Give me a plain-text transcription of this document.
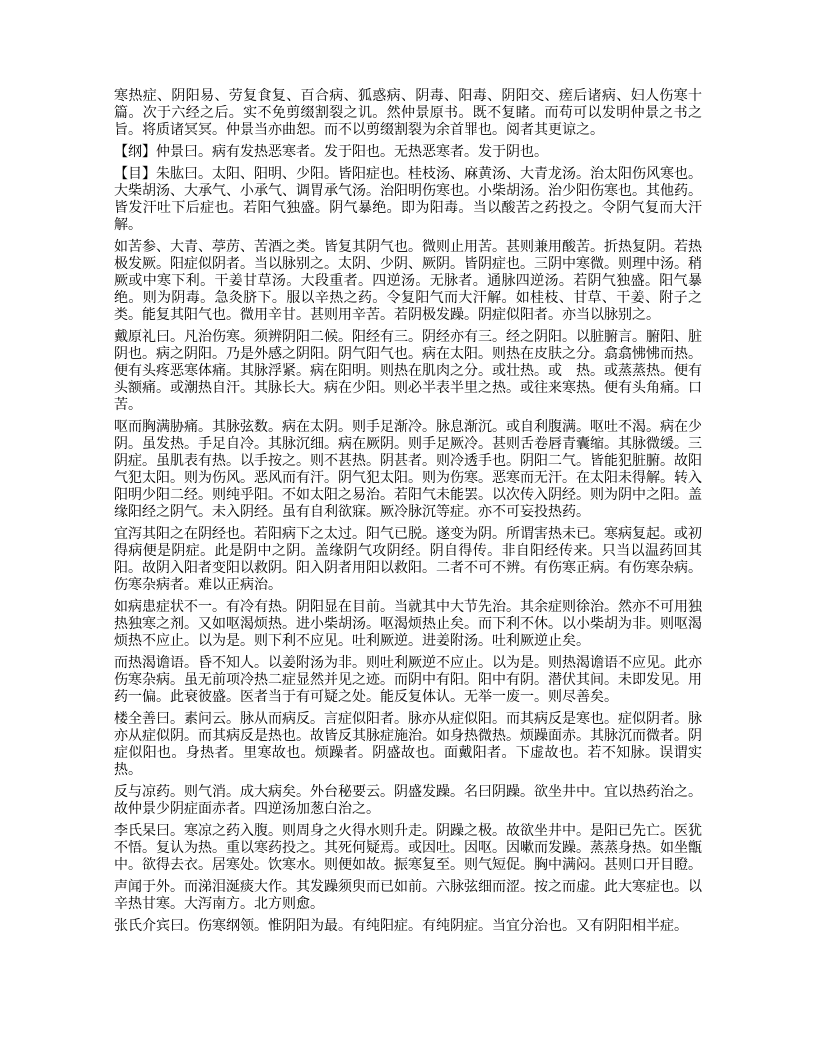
寒热症、阴阳易、劳复食复、百合病、狐惑病、阴毒、阳毒、阴阳交、瘥后诸病、妇人伤寒十篇。次于六经之后。实不免剪缀割裂之讥。然仲景原书。既不复睹。而苟可以发明仲景之书之旨。将质诸冥冥。仲景当亦曲恕。而不以剪缀割裂为余首罪也。阅者其更谅之。

【纲】仲景曰。病有发热恶寒者。发于阳也。无热恶寒者。发于阴也。

【目】朱肱曰。太阳、阳明、少阳。皆阳症也。桂枝汤、麻黄汤、大青龙汤。治太阳伤风寒也。大柴胡汤、大承气、小承气、调胃承气汤。治阳明伤寒也。小柴胡汤。治少阳伤寒也。其他药。皆发汗吐下后症也。若阳气独盛。阴气暴绝。即为阳毒。当以酸苦之药投之。令阴气复而大汗解。

如苦参、大青、葶苈、苦酒之类。皆复其阴气也。微则止用苦。甚则兼用酸苦。折热复阴。若热极发厥。阳症似阴者。当以脉别之。太阴、少阴、厥阴。皆阴症也。三阴中寒微。则理中汤。稍厥或中寒下利。干姜甘草汤。大段重者。四逆汤。无脉者。通脉四逆汤。若阴气独盛。阳气暴绝。则为阴毒。急灸脐下。服以辛热之药。令复阳气而大汗解。如桂枝、甘草、干姜、附子之类。能复其阳气也。微用辛甘。甚则用辛苦。若阴极发躁。阴症似阳者。亦当以脉别之。

戴原礼曰。凡治伤寒。须辨阴阳二候。阳经有三。阴经亦有三。经之阴阳。以脏腑言。腑阳、脏阴也。病之阴阳。乃是外感之阴阳。阴气阳气也。病在太阳。则热在皮肤之分。翕翕怫怫而热。便有头疼恶寒体痛。其脉浮紧。病在阳明。则热在肌肉之分。或壮热。或　热。或蒸蒸热。便有头额痛。或潮热自汗。其脉长大。病在少阳。则必半表半里之热。或往来寒热。便有头角痛。口苦。

呕而胸满胁痛。其脉弦数。病在太阴。则手足渐冷。脉息渐沉。或自利腹满。呕吐不渴。病在少阴。虽发热。手足自冷。其脉沉细。病在厥阴。则手足厥冷。甚则舌卷唇青囊缩。其脉微缓。三阴症。虽肌表有热。以手按之。则不甚热。阴甚者。则冷透手也。阴阳二气。皆能犯脏腑。故阳气犯太阳。则为伤风。恶风而有汗。阴气犯太阳。则为伤寒。恶寒而无汗。在太阳未得解。转入阳明少阳二经。则纯乎阳。不如太阳之易治。若阳气未能罢。以次传入阴经。则为阴中之阳。盖缘阳经之阴气。未入阴经。虽有自利欲寐。厥冷脉沉等症。亦不可妄投热药。

宜泻其阳之在阴经也。若阳病下之太过。阳气已脱。遂变为阴。所谓害热未已。寒病复起。或初得病便是阴症。此是阴中之阴。盖缘阴气攻阴经。阴自得传。非自阳经传来。只当以温药回其阳。故阴入阳者变阳以救阴。阳入阴者用阳以救阳。二者不可不辨。有伤寒正病。有伤寒杂病。伤寒杂病者。难以正病治。

如病患症状不一。有冷有热。阴阳显在目前。当就其中大节先治。其余症则徐治。然亦不可用独热独寒之剂。又如呕渴烦热。进小柴胡汤。呕渴烦热止矣。而下利不休。以小柴胡为非。则呕渴烦热不应止。以为是。则下利不应见。吐利厥逆。进姜附汤。吐利厥逆止矣。

而热渴谵语。昏不知人。以姜附汤为非。则吐利厥逆不应止。以为是。则热渴谵语不应见。此亦伤寒杂病。虽无前项冷热二症显然并见之迹。而阴中有阳。阳中有阴。潜伏其间。未即发见。用药一偏。此衰彼盛。医者当于有可疑之处。能反复体认。无举一废一。则尽善矣。

楼全善曰。素问云。脉从而病反。言症似阳者。脉亦从症似阳。而其病反是寒也。症似阴者。脉亦从症似阴。而其病反是热也。故皆反其脉症施治。如身热微热。烦躁面赤。其脉沉而微者。阴症似阳也。身热者。里寒故也。烦躁者。阴盛故也。面戴阳者。下虚故也。若不知脉。误谓实热。

反与凉药。则气消。成大病矣。外台秘要云。阴盛发躁。名曰阴躁。欲坐井中。宜以热药治之。故仲景少阴症面赤者。四逆汤加葱白治之。

李氏杲曰。寒凉之药入腹。则周身之火得水则升走。阴躁之极。故欲坐井中。是阳已先亡。医犹不悟。复认为热。重以寒药投之。其死何疑焉。或因吐。因呕。因嗽而发躁。蒸蒸身热。如坐甑中。欲得去衣。居寒处。饮寒水。则便如故。振寒复至。则气短促。胸中满闷。甚则口开目瞪。

声闻于外。而涕泪涎痰大作。其发躁须臾而已如前。六脉弦细而涩。按之而虚。此大寒症也。以辛热甘寒。大泻南方。北方则愈。

张氏介宾曰。伤寒纲领。惟阴阳为最。有纯阳症。有纯阴症。当宜分治也。又有阴阳相半症。
